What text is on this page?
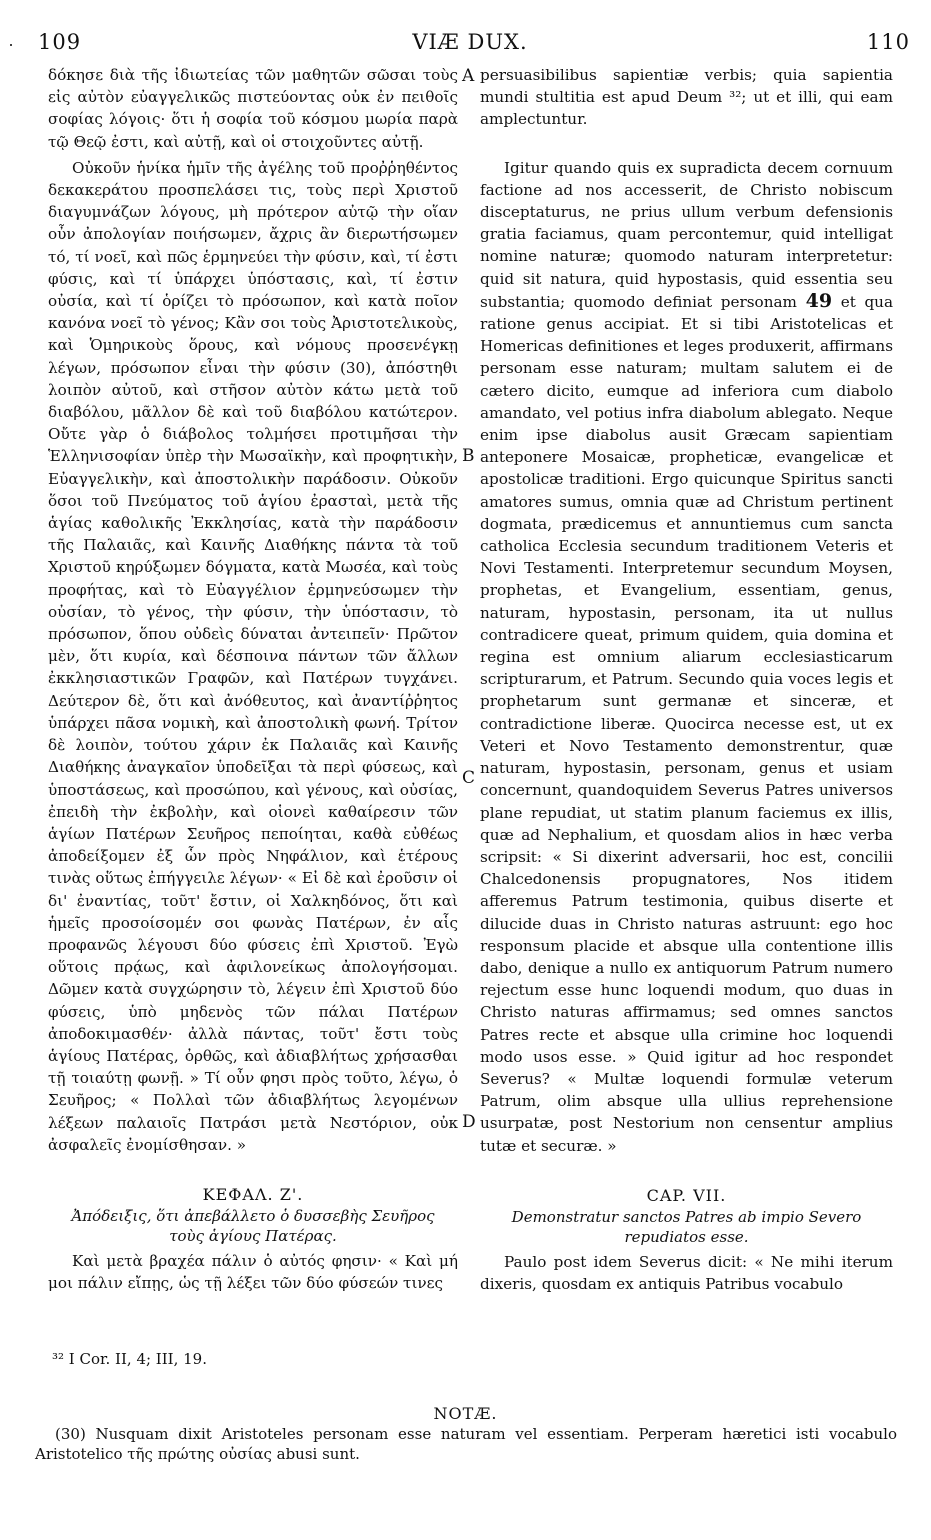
109	VIÆ DUX.	110

δόκησε διὰ τῆς ἰδιωτείας τῶν μαθητῶν σῶσαι τοὺς εἰς αὐτὸν εὐαγγελικῶς πιστεύοντας οὐκ ἐν πειθοῖς σοφίας λόγοις· ὅτι ἡ σοφία τοῦ κόσμου μωρία παρὰ τῷ Θεῷ ἐστι, καὶ αὐτῇ, καὶ οἱ στοιχοῦντες αὐτῇ.

Οὐκοῦν ἡνίκα ἡμῖν τῆς ἀγέλης τοῦ προῤῥηθέντος δεκακεράτου προσπελάσει τις, τοὺς περὶ Χριστοῦ διαγυμνάζων λόγους, μὴ πρότερον αὐτῷ τὴν οἵαν οὖν ἀπολογίαν ποιήσωμεν, ἄχρις ἂν διερωτήσωμεν τό, τί νοεῖ, καὶ πῶς ἑρμηνεύει τὴν φύσιν, καὶ, τί ἐστι φύσις, καὶ τί ὑπάρχει ὑπόστασις, καὶ, τί ἐστιν οὐσία, καὶ τί ὁρίζει τὸ πρόσωπον, καὶ κατὰ ποῖον κανόνα νοεῖ τὸ γένος; Κἂν σοι τοὺς Ἀριστοτελικοὺς, καὶ Ὁμηρικοὺς ὅρους, καὶ νόμους προσενέγκῃ λέγων, πρόσωπον εἶναι τὴν φύσιν (30), ἀπόστηθι λοιπὸν αὐτοῦ, καὶ στῆσον αὐτὸν κάτω μετὰ τοῦ διαβόλου, μᾶλλον δὲ καὶ τοῦ διαβόλου κατώτερον. Οὔτε γὰρ ὁ διάβολος τολμήσει προτιμῆσαι τὴν Ἑλληνισοφίαν ὑπὲρ τὴν Μωσαϊκὴν, καὶ προφητικὴν, Εὐαγγελικὴν, καὶ ἀποστολικὴν παράδοσιν. Οὐκοῦν ὅσοι τοῦ Πνεύματος τοῦ ἁγίου ἐρασταὶ, μετὰ τῆς ἁγίας καθολικῆς Ἐκκλησίας, κατὰ τὴν παράδοσιν τῆς Παλαιᾶς, καὶ Καινῆς Διαθήκης πάντα τὰ τοῦ Χριστοῦ κηρύξωμεν δόγματα, κατὰ Μωσέα, καὶ τοὺς προφήτας, καὶ τὸ Εὐαγγέλιον ἑρμηνεύσωμεν τὴν οὐσίαν, τὸ γένος, τὴν φύσιν, τὴν ὑπόστασιν, τὸ πρόσωπον, ὅπου οὐδεὶς δύναται ἀντειπεῖν· Πρῶτον μὲν, ὅτι κυρία, καὶ δέσποινα πάντων τῶν ἄλλων ἐκκλησιαστικῶν Γραφῶν, καὶ Πατέρων τυγχάνει. Δεύτερον δὲ, ὅτι καὶ ἀνόθευτος, καὶ ἀναντίῤῥητος ὑπάρχει πᾶσα νομικὴ, καὶ ἀποστολικὴ φωνή. Τρίτον δὲ λοιπὸν, τούτου χάριν ἐκ Παλαιᾶς καὶ Καινῆς Διαθήκης ἀναγκαῖον ὑποδεῖξαι τὰ περὶ φύσεως, καὶ ὑποστάσεως, καὶ προσώπου, καὶ γένους, καὶ οὐσίας, ἐπειδὴ τὴν ἐκβολὴν, καὶ οἱονεὶ καθαίρεσιν τῶν ἁγίων Πατέρων Σευῆρος πεποίηται, καθὰ εὐθέως ἀποδείξομεν ἐξ ὧν πρὸς Νηφάλιον, καὶ ἑτέρους τινὰς οὕτως ἐπήγγειλε λέγων· « Εἰ δὲ καὶ ἐροῦσιν οἱ δι' ἐναντίας, τοῦτ' ἔστιν, οἱ Χαλκηδόνος, ὅτι καὶ ἡμεῖς προσοίσομέν σοι φωνὰς Πατέρων, ἐν αἷς προφανῶς λέγουσι δύο φύσεις ἐπὶ Χριστοῦ. Ἐγὼ οὕτοις πρᾴως, καὶ ἀφιλονείκως ἀπολογήσομαι. Δῶμεν κατὰ συγχώρησιν τὸ, λέγειν ἐπὶ Χριστοῦ δύο φύσεις, ὑπὸ μηδενὸς τῶν πάλαι Πατέρων ἀποδοκιμασθέν· ἀλλὰ πάντας, τοῦτ' ἔστι τοὺς ἁγίους Πατέρας, ὀρθῶς, καὶ ἀδιαβλήτως χρήσασθαι τῇ τοιαύτῃ φωνῇ. » Τί οὖν φησι πρὸς τοῦτο, λέγω, ὁ Σευῆρος; « Πολλαὶ τῶν ἀδιαβλήτως λεγομένων λέξεων παλαιοῖς Πατράσι μετὰ Νεστόριον, οὐκ ἀσφαλεῖς ἐνομίσθησαν. »

ΚΕΦΑΛ. Ζ'.

Ἀπόδειξις, ὅτι ἀπεβάλλετο ὁ δυσσεβὴς Σευῆρος τοὺς ἁγίους Πατέρας.

Καὶ μετὰ βραχέα πάλιν ὁ αὐτός φησιν· « Καὶ μή μοι πάλιν εἴπῃς, ὡς τῇ λέξει τῶν δύο φύσεών τινες

A
B
C
D

persuasibilibus sapientiæ verbis; quia sapientia mundi stultitia est apud Deum ³²; ut et illi, qui eam amplectuntur.

Igitur quando quis ex supradicta decem cornuum factione ad nos accesserit, de Christo nobiscum disceptaturus, ne prius ullum verbum defensionis gratia faciamus, quam percontemur, quid intelligat nomine naturæ; quomodo naturam interpretetur: quid sit natura, quid hypostasis, quid essentia seu substantia; quomodo definiat personam 49 et qua ratione genus accipiat. Et si tibi Aristotelicas et Homericas definitiones et leges produxerit, affirmans personam esse naturam; multam salutem ei de cætero dicito, eumque ad inferiora cum diabolo amandato, vel potius infra diabolum ablegato. Neque enim ipse diabolus ausit Græcam sapientiam anteponere Mosaicæ, propheticæ, evangelicæ et apostolicæ traditioni. Ergo quicunque Spiritus sancti amatores sumus, omnia quæ ad Christum pertinent dogmata, prædicemus et annuntiemus cum sancta catholica Ecclesia secundum traditionem Veteris et Novi Testamenti. Interpretemur secundum Moysen, prophetas, et Evangelium, essentiam, genus, naturam, hypostasin, personam, ita ut nullus contradicere queat, primum quidem, quia domina et regina est omnium aliarum ecclesiasticarum scripturarum, et Patrum. Secundo quia voces legis et prophetarum sunt germanæ et sinceræ, et contradictione liberæ. Quocirca necesse est, ut ex Veteri et Novo Testamento demonstrentur, quæ naturam, hypostasin, personam, genus et usiam concernunt, quandoquidem Severus Patres universos plane repudiat, ut statim planum faciemus ex illis, quæ ad Nephalium, et quosdam alios in hæc verba scripsit: « Si dixerint adversarii, hoc est, concilii Chalcedonensis propugnatores, Nos itidem afferemus Patrum testimonia, quibus diserte et dilucide duas in Christo naturas astruunt: ego hoc responsum placide et absque ulla contentione illis dabo, denique a nullo ex antiquorum Patrum numero rejectum esse hunc loquendi modum, quo duas in Christo naturas affirmamus; sed omnes sanctos Patres recte et absque ulla crimine hoc loquendi modo usos esse. » Quid igitur ad hoc respondet Severus? « Multæ loquendi formulæ veterum Patrum, olim absque ulla ullius reprehensione usurpatæ, post Nestorium non censentur amplius tutæ et securæ. »

CAP. VII.

Demonstratur sanctos Patres ab impio Severo repudiatos esse.

Paulo post idem Severus dicit: « Ne mihi iterum dixeris, quosdam ex antiquis Patribus vocabulo

³² I Cor. II, 4; III, 19.
NOTÆ.
(30) Nusquam dixit Aristoteles personam esse naturam vel essentiam. Perperam hæretici isti vocabulo Aristotelico τῆς πρώτης οὐσίας abusi sunt.
